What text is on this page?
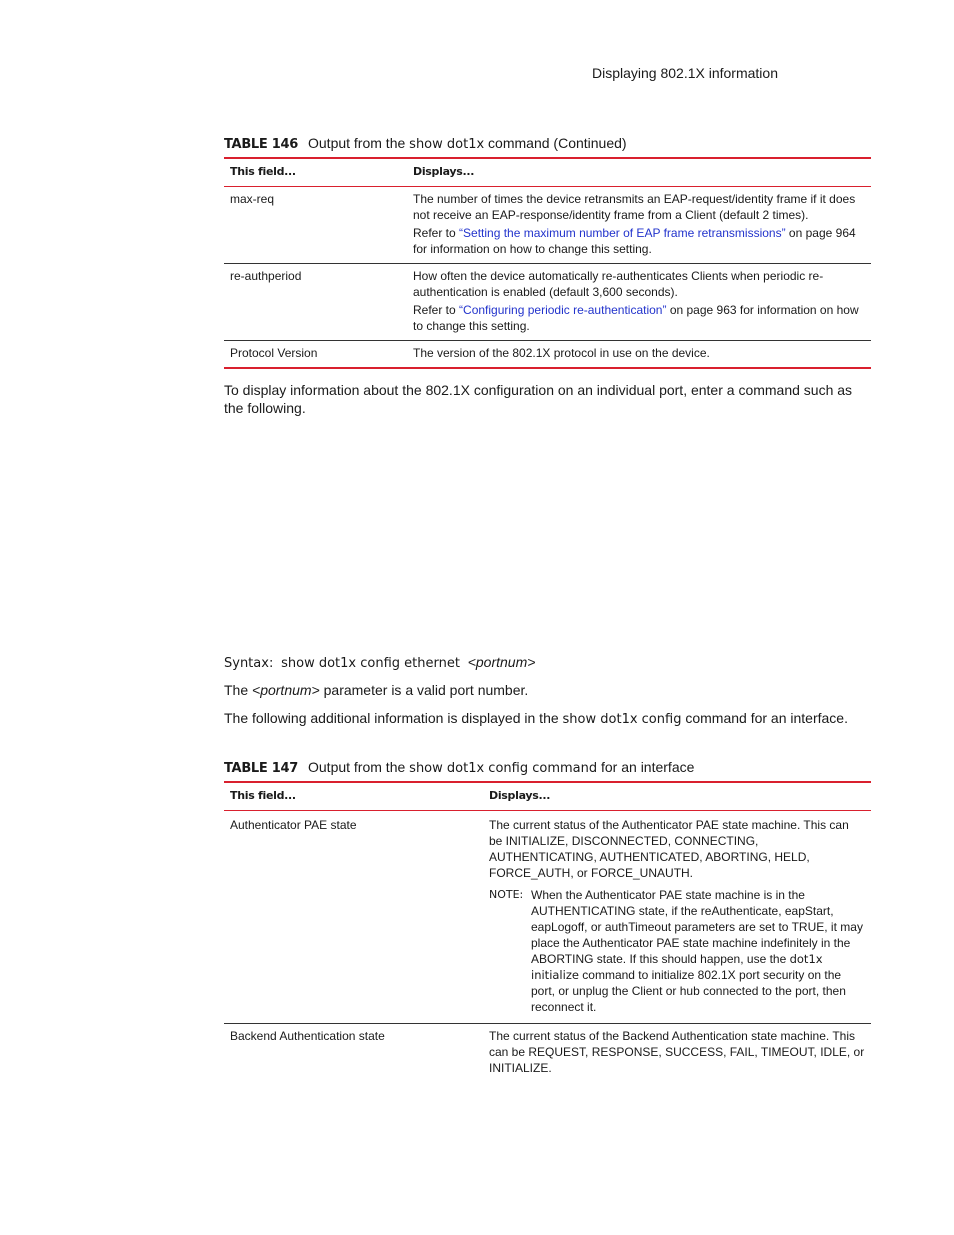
Displaying 802.1X information
TABLE 146 Output from the show dot1x command (Continued)
This field...	Displays...
max-req	The number of times the device retransmits an EAP-request/identity frame if it does not receive an EAP-response/identity frame from a Client (default 2 times).

Refer to “Setting the maximum number of EAP frame retransmissions” on page 964 for information on how to change this setting.

re-authperiod	How often the device automatically re-authenticates Clients when periodic re-authentication is enabled (default 3,600 seconds).

Refer to “Configuring periodic re-authentication” on page 963 for information on how to change this setting.

Protocol Version	The version of the 802.1X protocol in use on the device.
To display information about the 802.1X configuration on an individual port, enter a command such as the following.
Syntax: show dot1x config ethernet <portnum>
The <portnum> parameter is a valid port number.
The following additional information is displayed in the show dot1x config command for an interface.
TABLE 147 Output from the show dot1x config command for an interface
This field...	Displays...
Authenticator PAE state	The current status of the Authenticator PAE state machine. This can be INITIALIZE, DISCONNECTED, CONNECTING, AUTHENTICATING, AUTHENTICATED, ABORTING, HELD, FORCE_AUTH, or FORCE_UNAUTH.

NOTE: When the Authenticator PAE state machine is in the AUTHENTICATING state, if the reAuthenticate, eapStart, eapLogoff, or authTimeout parameters are set to TRUE, it may place the Authenticator PAE state machine indefinitely in the ABORTING state. If this should happen, use the dot1x initialize command to initialize 802.1X port security on the port, or unplug the Client or hub connected to the port, then reconnect it.

Backend Authentication state	The current status of the Backend Authentication state machine. This can be REQUEST, RESPONSE, SUCCESS, FAIL, TIMEOUT, IDLE, or INITIALIZE.
